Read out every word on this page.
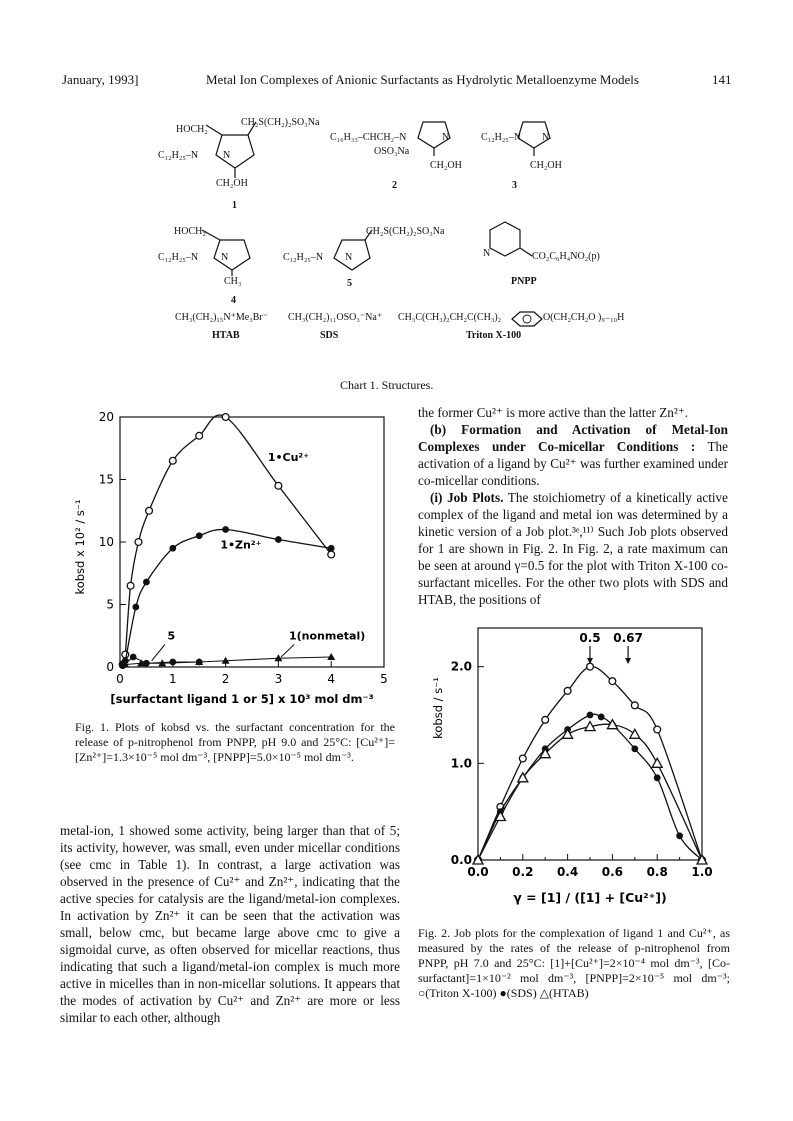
January, 1993]	Metal Ion Complexes of Anionic Surfactants as Hydrolytic Metalloenzyme Models	141
HOCH₂
CH₂S(CH₂)₂SO₃Na
C₁₂H₂₅–N N
CH₂OH
1
C₁₆H₃₃–CHCH₂–N	N
OSO₃Na
CH₂OH
2
C₁₂H₂₅–N N
CH₂OH
3
HOCH₂
C₁₂H₂₅–N N
CH₃
4
CH₂S(CH₂)₂SO₃Na
C₁₂H₂₅–N N
5
N	CO₂C₆H₄NO₂(p)
PNPP
CH₃(CH₂)₁₅N⁺Me₃Br⁻
HTAB
CH₃(CH₂)₁₁OSO₃⁻Na⁺
SDS
CH₃C(CH₃)₂CH₂C(CH₃)₂	O(CH₂CH₂O )₉₋₁₀H
Triton X-100
Chart 1. Structures.
0	1	2	3	4	5
0
5
10
15
20
[surfactant ligand 1 or 5] x 10³ mol dm⁻³
kobsd x 10² / s⁻¹
1•Cu²⁺
1•Zn²⁺
5	1(nonmetal)
Fig. 1. Plots of kobsd vs. the surfactant concentration for the release of p-nitrophenol from PNPP, pH 9.0 and 25°C: [Cu²⁺]=[Zn²⁺]=1.3×10⁻⁵ mol dm⁻³, [PNPP]=5.0×10⁻⁵ mol dm⁻³.
metal-ion, 1 showed some activity, being larger than that of 5; its activity, however, was small, even under micellar conditions (see cmc in Table 1). In contrast, a large activation was observed in the presence of Cu²⁺ and Zn²⁺, indicating that the active species for catalysis are the ligand/metal-ion complexes. In activation by Zn²⁺ it can be seen that the activation was small, below cmc, but became large above cmc to give a sigmoidal curve, as often observed for micellar reactions, thus indicating that such a ligand/metal-ion complex is much more active in micelles than in non-micellar solutions. It appears that the modes of activation by Cu²⁺ and Zn²⁺ are more or less similar to each other, although
the former Cu²⁺ is more active than the latter Zn²⁺.
(b) Formation and Activation of Metal-Ion Complexes under Co-micellar Conditions : The activation of a ligand by Cu²⁺ was further examined under co-micellar conditions.
(i) Job Plots. The stoichiometry of a kinetically active complex of the ligand and metal ion was determined by a kinetic version of a Job plot.³ᵉ,¹¹⁾ Such Job plots observed for 1 are shown in Fig. 2. In Fig. 2, a rate maximum can be seen at around γ=0.5 for the plot with Triton X-100 co-surfactant micelles. For the other two plots with SDS and HTAB, the positions of
0.0 0.2 0.4 0.6 0.8 1.0
0.0
1.0
2.0
γ = [1] / ([1] + [Cu²⁺])
kobsd / s⁻¹
0.5 0.67
Fig. 2. Job plots for the complexation of ligand 1 and Cu²⁺, as measured by the rates of the release of p-nitrophenol from PNPP, pH 7.0 and 25°C: [1]+[Cu²⁺]=2×10⁻⁴ mol dm⁻³, [Co-surfactant]=1×10⁻² mol dm⁻³, [PNPP]=2×10⁻⁵ mol dm⁻³; ○(Triton X-100) ●(SDS) △(HTAB)
